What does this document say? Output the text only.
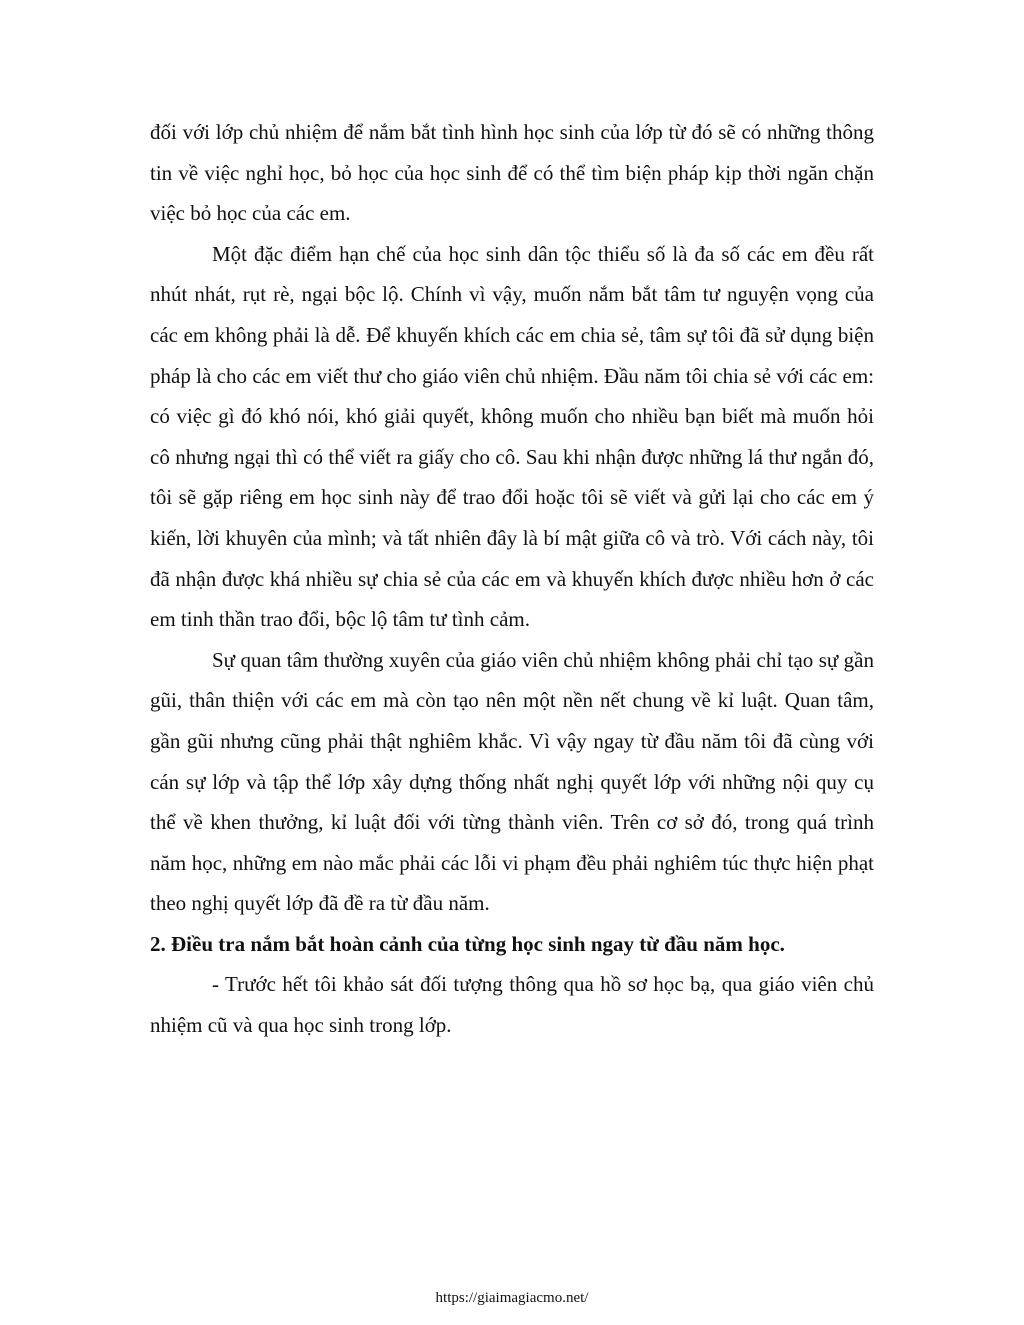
đối với lớp chủ nhiệm để nắm bắt tình hình học sinh của lớp từ đó sẽ có những thông tin về việc nghỉ học, bỏ học của học sinh để có thể tìm biện pháp kịp thời ngăn chặn việc bỏ học của các em.

Một đặc điểm hạn chế của học sinh dân tộc thiểu số là đa số các em đều rất nhút nhát, rụt rè, ngại bộc lộ. Chính vì vậy, muốn nắm bắt tâm tư nguyện vọng của các em không phải là dễ. Để khuyến khích các em chia sẻ, tâm sự tôi đã sử dụng biện pháp là cho các em viết thư cho giáo viên chủ nhiệm. Đầu năm tôi chia sẻ với các em: có việc gì đó khó nói, khó giải quyết, không muốn cho nhiều bạn biết mà muốn hỏi cô nhưng ngại thì có thể viết ra giấy cho cô. Sau khi nhận được những lá thư ngắn đó, tôi sẽ gặp riêng em học sinh này để trao đổi hoặc tôi sẽ viết và gửi lại cho các em ý kiến, lời khuyên của mình; và tất nhiên đây là bí mật giữa cô và trò. Với cách này, tôi đã nhận được khá nhiều sự chia sẻ của các em và khuyến khích được nhiều hơn ở các em tinh thần trao đổi, bộc lộ tâm tư tình cảm.

Sự quan tâm thường xuyên của giáo viên chủ nhiệm không phải chỉ tạo sự gần gũi, thân thiện với các em mà còn tạo nên một nền nết chung về kỉ luật. Quan tâm, gần gũi nhưng cũng phải thật nghiêm khắc. Vì vậy ngay từ đầu năm tôi đã cùng với cán sự lớp và tập thể lớp xây dựng thống nhất nghị quyết lớp với những nội quy cụ thể về khen thưởng, kỉ luật đối với từng thành viên. Trên cơ sở đó, trong quá trình năm học, những em nào mắc phải các lỗi vi phạm đều phải nghiêm túc thực hiện phạt theo nghị quyết lớp đã đề ra từ đầu năm.

2. Điều tra nắm bắt hoàn cảnh của từng học sinh ngay từ đầu năm học.

- Trước hết tôi khảo sát đối tượng thông qua hồ sơ học bạ, qua giáo viên chủ nhiệm cũ và qua học sinh trong lớp.

https://giaimagiacmo.net/
